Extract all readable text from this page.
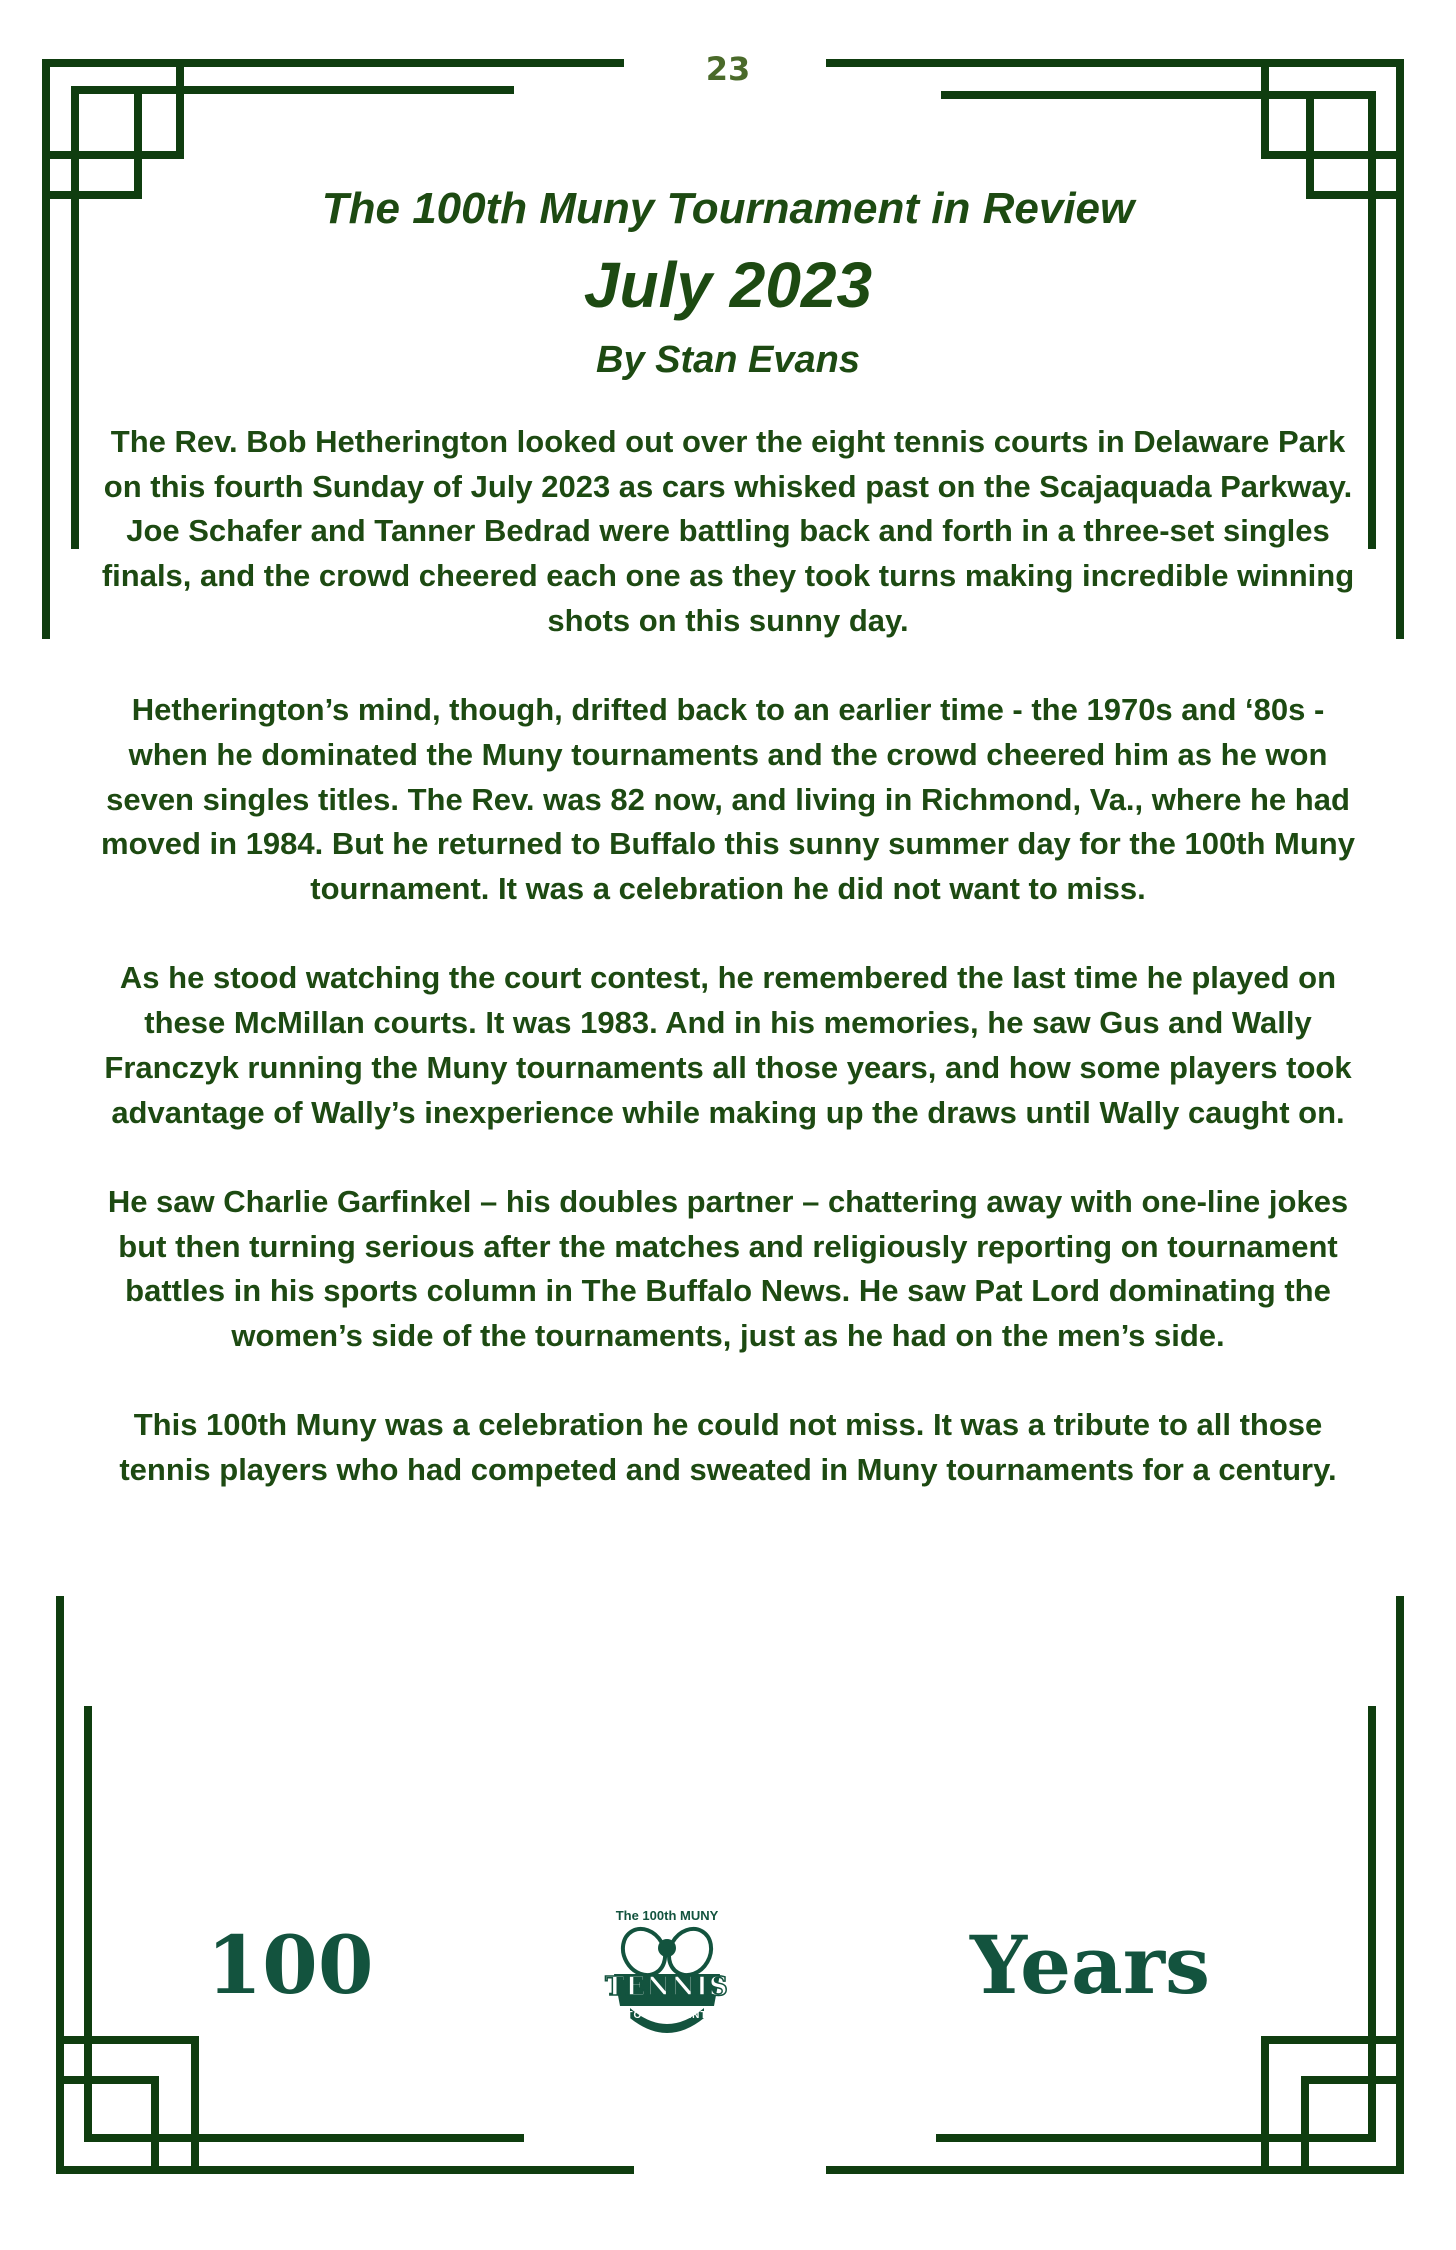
23
The 100th Muny Tournament in Review
July 2023
By Stan Evans

The Rev. Bob Hetherington looked out over the eight tennis courts in Delaware Park on this fourth Sunday of July 2023 as cars whisked past on the Scajaquada Parkway. Joe Schafer and Tanner Bedrad were battling back and forth in a three-set singles finals, and the crowd cheered each one as they took turns making incredible winning shots on this sunny day.

Hetherington’s mind, though, drifted back to an earlier time - the 1970s and ‘80s - when he dominated the Muny tournaments and the crowd cheered him as he won seven singles titles. The Rev. was 82 now, and living in Richmond, Va., where he had moved in 1984. But he returned to Buffalo this sunny summer day for the 100th Muny tournament. It was a celebration he did not want to miss.

As he stood watching the court contest, he remembered the last time he played on these McMillan courts. It was 1983. And in his memories, he saw Gus and Wally Franczyk running the Muny tournaments all those years, and how some players took advantage of Wally’s inexperience while making up the draws until Wally caught on.

He saw Charlie Garfinkel – his doubles partner – chattering away with one-line jokes but then turning serious after the matches and religiously reporting on tournament battles in his sports column in The Buffalo News. He saw Pat Lord dominating the women’s side of the tournaments, just as he had on the men’s side.

This 100th Muny was a celebration he could not miss. It was a tribute to all those tennis players who had competed and sweated in Muny tournaments for a century.

100
The 100th MUNY
TENNIS
TOURNAMENT
Years
